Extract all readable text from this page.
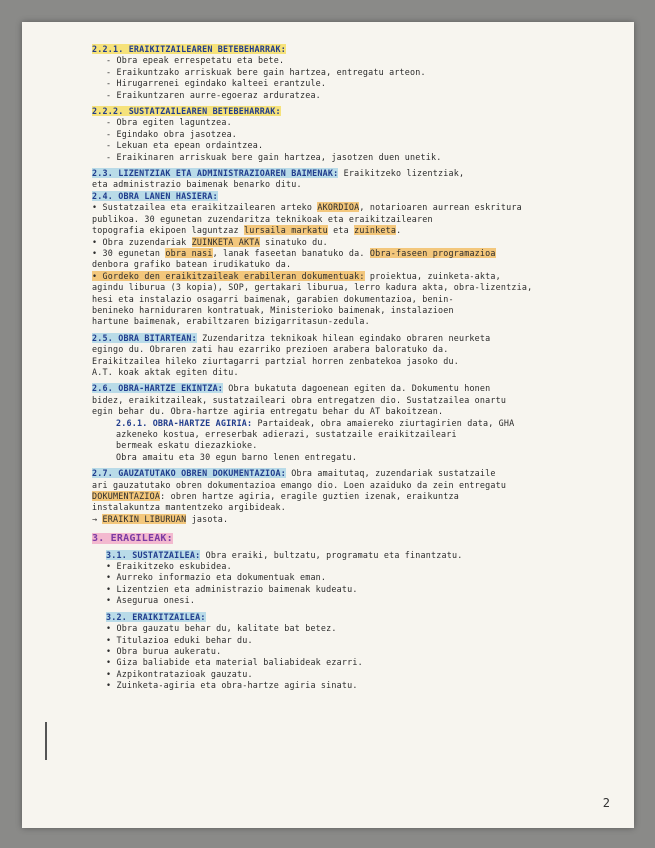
2.2.1. ERAIKITZAILEAREN BETEBEHARRAK:
- Obra epeak errespetatu eta bete.
- Eraikuntzako arriskuak bere gain hartzea, entregatu arteon.
- Hirugarrenei egindako kalteei erantzule.
- Eraikuntzaren aurre-egoeraz arduratzea.
2.2.2. SUSTATZAILEAREN BETEBEHARRAK:
- Obra egiten laguntzea.
- Egindako obra jasotzea.
- Lekuan eta epean ordaintzea.
- Eraikinaren arriskuak bere gain hartzea, jasotzen duen unetik.
2.3. LIZENTZIAK ETA ADMINISTRAZIOAREN BAIMENAK: Eraikitzeko lizentziak,
eta administrazio baimenak benarko ditu.
2.4. OBRA LANEN HASIERA:
• Sustatzailea eta eraikitzailearen arteko AKORDIOA, notarioaren aurrean eskritura
publikoa. 30 egunetan zuzendaritza teknikoak eta eraikitzailearen
topografia ekipoen laguntzaz lursaila markatu eta zuinketa.
• Obra zuzendariak ZUINKETA AKTA sinatuko du.
• 30 egunetan obra nasi, lanak faseetan banatuko da. Obra-faseen programazioa
denbora grafiko batean irudikatuko da.
• Gordeko den eraikitzaileak erabileran dokumentuak: proiektua, zuinketa-akta,
agindu liburua (3 kopia), SOP, gertakari liburua, lerro kadura akta, obra-lizentzia,
hesi eta instalazio osagarri baimenak, garabien dokumentazioa, benin-
benineko harniduraren kontratuak, Ministerioko baimenak, instalazioen
hartune baimenak, erabiltzaren bizigarritasun-zedula.
2.5. OBRA BITARTEAN: Zuzendaritza teknikoak hilean egindako obraren neurketa
egingo du. Obraren zati hau ezarriko prezioen arabera baloratuko da.
Eraikitzailea hileko ziurtagarri partzial horren zenbatekoa jasoko du.
A.T. koak aktak egiten ditu.
2.6. OBRA-HARTZE EKINTZA: Obra bukatuta dagoenean egiten da. Dokumentu honen
bidez, eraikitzaileak, sustatzaileari obra entregatzen dio. Sustatzailea onartu
egin behar du. Obra-hartze agiria entregatu behar du AT bakoitzean.
2.6.1. OBRA-HARTZE AGIRIA: Partaideak, obra amaiereko ziurtagirien data, GHA
azkeneko kostua, erreserbak adierazi, sustatzaile eraikitzaileari
bermeak eskatu diezazkioke.
Obra amaitu eta 30 egun barno lenen entregatu.
2.7. GAUZATUTAKO OBREN DOKUMENTAZIOA: Obra amaitutaq, zuzendariak sustatzaile
ari gauzatutako obren dokumentazioa emango dio. Loen azaiduko da zein entregatu
DOKUMENTAZIOA: obren hartze agiria, eragile guztien izenak, eraikuntza
instalakuntza mantentzeko argibideak.
→ ERAIKIN LIBURUAN jasota.
3. ERAGILEAK:
3.1. SUSTATZAILEA: Obra eraiki, bultzatu, programatu eta finantzatu.
• Eraikitzeko eskubidea.
• Aurreko informazio eta dokumentuak eman.
• Lizentzien eta administrazio baimenak kudeatu.
• Asegurua onesi.
3.2. ERAIKITZAILEA:
• Obra gauzatu behar du, kalitate bat betez.
• Titulazioa eduki behar du.
• Obra burua aukeratu.
• Giza baliabide eta material baliabideak ezarri.
• Azpikontratazioak gauzatu.
• Zuinketa-agiria eta obra-hartze agiria sinatu.
2
